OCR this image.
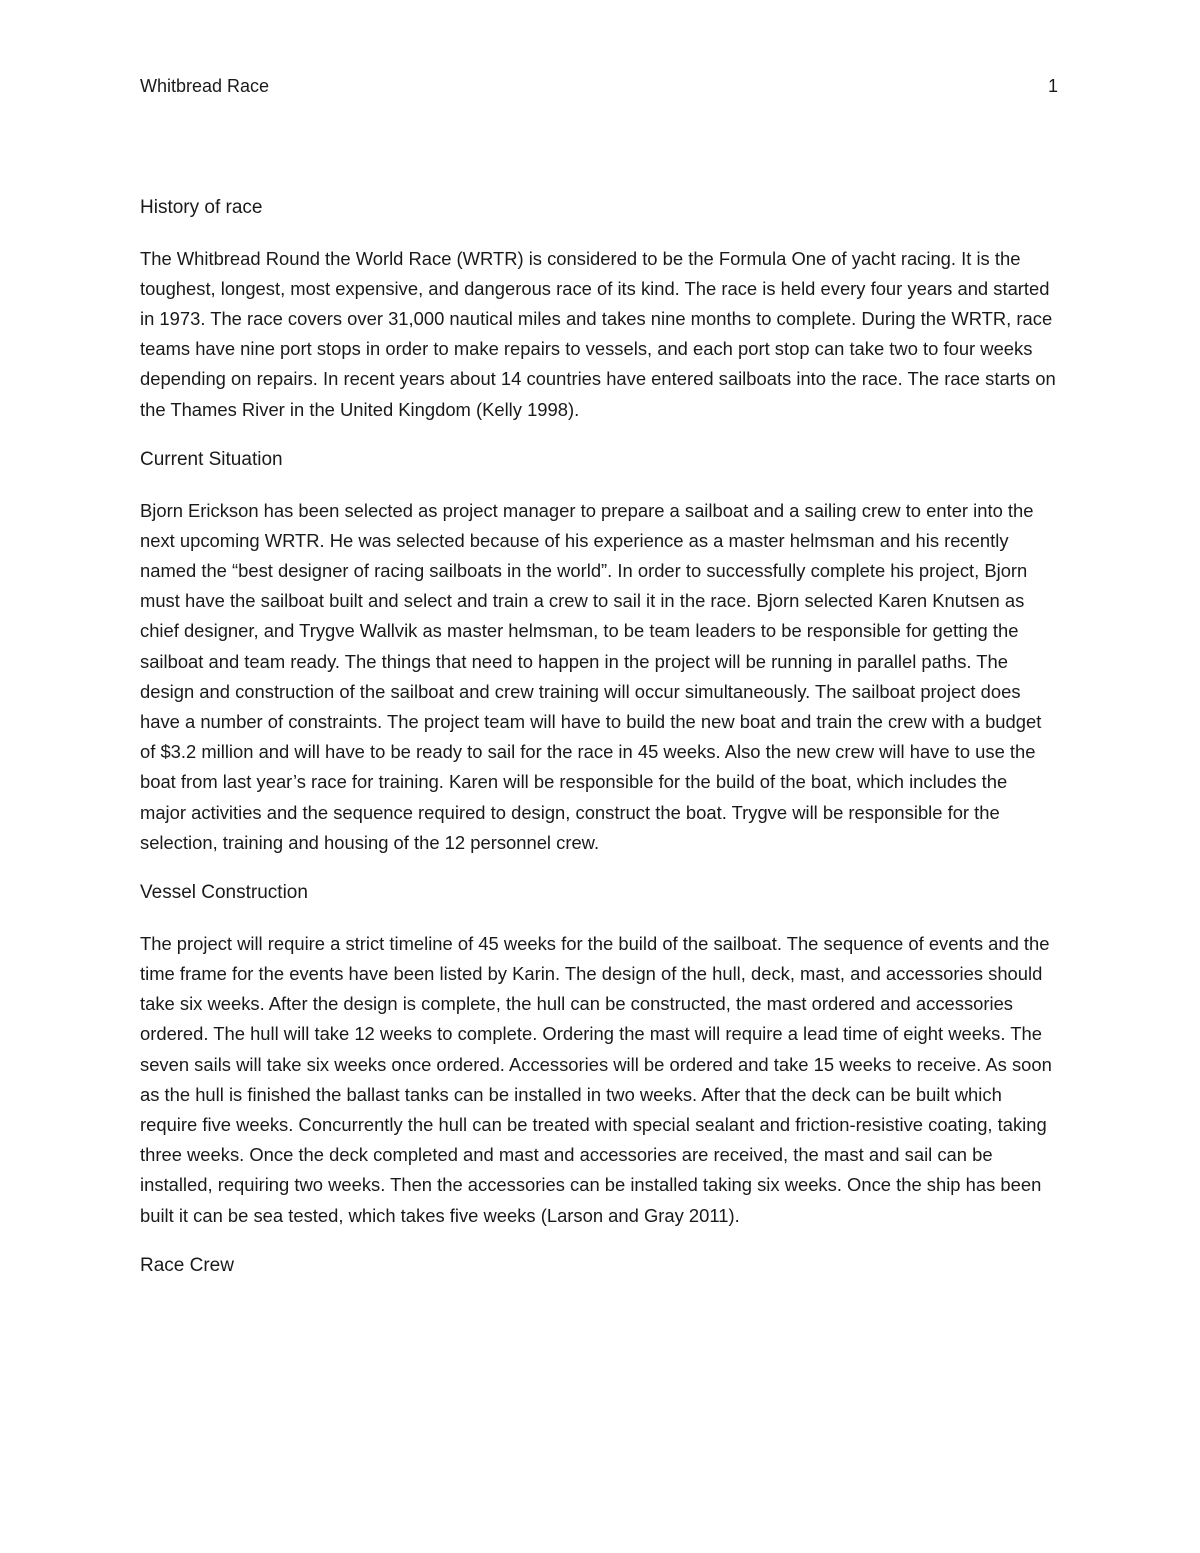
Whitbread Race	1
History of race

The Whitbread Round the World Race (WRTR) is considered to be the Formula One of yacht racing. It is the toughest, longest, most expensive, and dangerous race of its kind. The race is held every four years and started in 1973. The race covers over 31,000 nautical miles and takes nine months to complete. During the WRTR, race teams have nine port stops in order to make repairs to vessels, and each port stop can take two to four weeks depending on repairs. In recent years about 14 countries have entered sailboats into the race. The race starts on the Thames River in the United Kingdom (Kelly 1998).

Current Situation

Bjorn Erickson has been selected as project manager to prepare a sailboat and a sailing crew to enter into the next upcoming WRTR. He was selected because of his experience as a master helmsman and his recently named the “best designer of racing sailboats in the world”. In order to successfully complete his project, Bjorn must have the sailboat built and select and train a crew to sail it in the race. Bjorn selected Karen Knutsen as chief designer, and Trygve Wallvik as master helmsman, to be team leaders to be responsible for getting the sailboat and team ready. The things that need to happen in the project will be running in parallel paths. The design and construction of the sailboat and crew training will occur simultaneously. The sailboat project does have a number of constraints. The project team will have to build the new boat and train the crew with a budget of $3.2 million and will have to be ready to sail for the race in 45 weeks. Also the new crew will have to use the boat from last year’s race for training. Karen will be responsible for the build of the boat, which includes the major activities and the sequence required to design, construct the boat. Trygve will be responsible for the selection, training and housing of the 12 personnel crew.

Vessel Construction

The project will require a strict timeline of 45 weeks for the build of the sailboat. The sequence of events and the time frame for the events have been listed by Karin. The design of the hull, deck, mast, and accessories should take six weeks. After the design is complete, the hull can be constructed, the mast ordered and accessories ordered. The hull will take 12 weeks to complete. Ordering the mast will require a lead time of eight weeks. The seven sails will take six weeks once ordered. Accessories will be ordered and take 15 weeks to receive. As soon as the hull is finished the ballast tanks can be installed in two weeks. After that the deck can be built which require five weeks. Concurrently the hull can be treated with special sealant and friction-resistive coating, taking three weeks. Once the deck completed and mast and accessories are received, the mast and sail can be installed, requiring two weeks. Then the accessories can be installed taking six weeks. Once the ship has been built it can be sea tested, which takes five weeks (Larson and Gray 2011).

Race Crew
